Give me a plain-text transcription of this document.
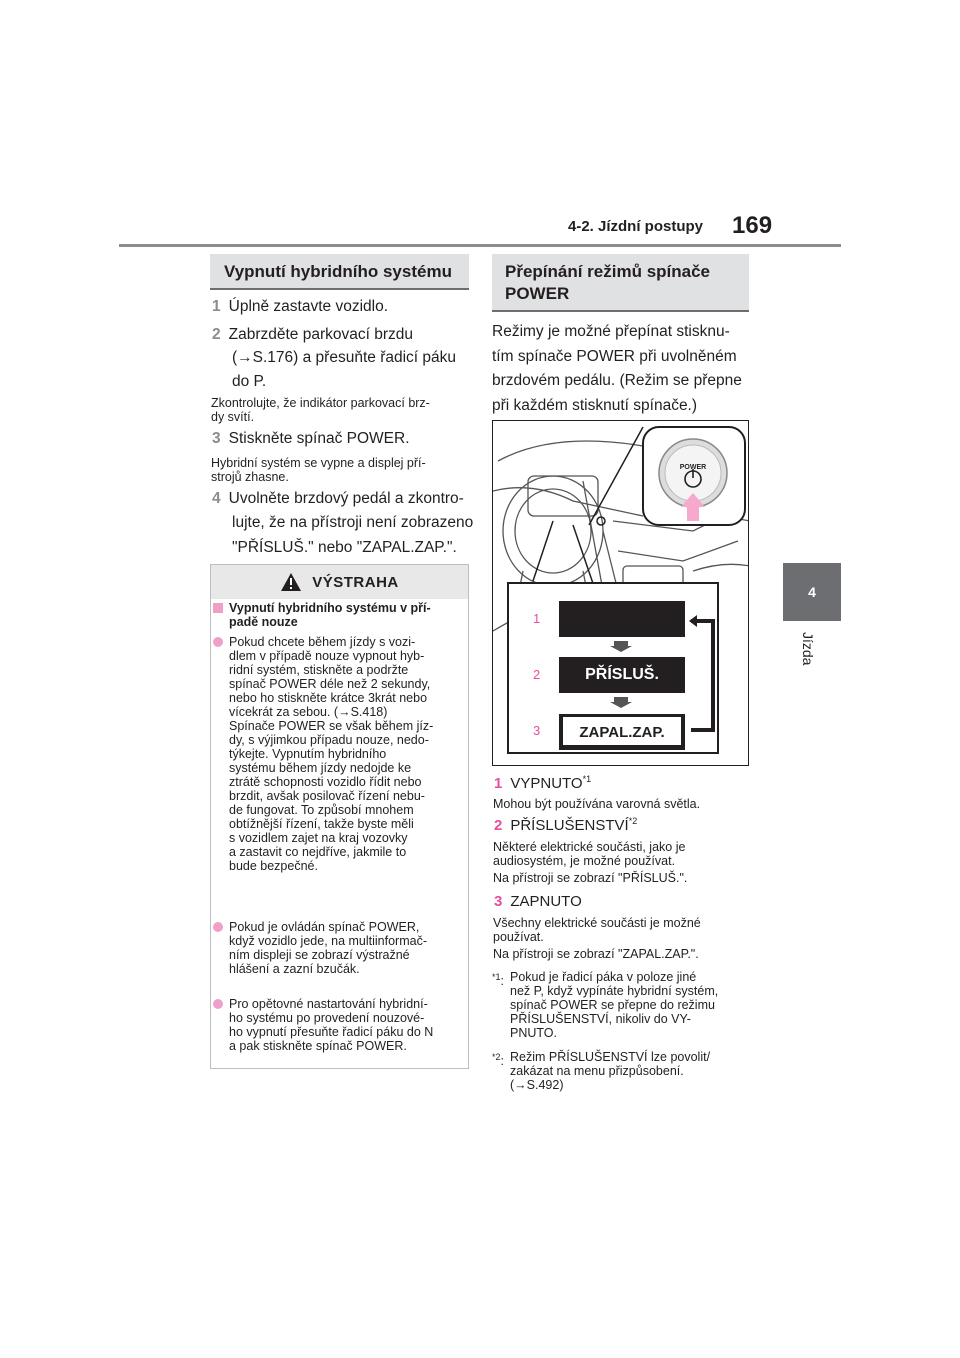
4-2. Jízdní postupy 169
4
Jízda
Vypnutí hybridního systému
1 Úplně zastavte vozidlo.
2 Zabrzděte parkovací brzdu
(→S.176) a přesuňte řadicí páku
do P.
Zkontrolujte, že indikátor parkovací brz-
dy svítí.
3 Stiskněte spínač POWER.
Hybridní systém se vypne a displej pří-
strojů zhasne.
4 Uvolněte brzdový pedál a zkontro-
lujte, že na přístroji není zobrazeno
"PŘÍSLUŠ." nebo "ZAPAL.ZAP.".
VÝSTRAHA
Vypnutí hybridního systému v pří-
padě nouze
Pokud chcete během jízdy s vozi-
dlem v případě nouze vypnout hyb-
ridní systém, stiskněte a podržte
spínač POWER déle než 2 sekundy,
nebo ho stiskněte krátce 3krát nebo
vícekrát za sebou. (→S.418)
Spínače POWER se však během jíz-
dy, s výjimkou případu nouze, nedo-
týkejte. Vypnutím hybridního
systému během jízdy nedojde ke
ztrátě schopnosti vozidlo řídit nebo
brzdit, avšak posilovač řízení nebu-
de fungovat. To způsobí mnohem
obtížnější řízení, takže byste měli
s vozidlem zajet na kraj vozovky
a zastavit co nejdříve, jakmile to
bude bezpečné.
Pokud je ovládán spínač POWER,
když vozidlo jede, na multiinformač-
ním displeji se zobrazí výstražné
hlášení a zazní bzučák.
Pro opětovné nastartování hybridní-
ho systému po provedení nouzové-
ho vypnutí přesuňte řadicí páku do N
a pak stiskněte spínač POWER.
Přepínání režimů spínače
POWER
Režimy je možné přepínat stisknu-
tím spínače POWER při uvolněném
brzdovém pedálu. (Režim se přepne
při každém stisknutí spínače.)
POWER
1
2
3
PŘÍSLUŠ.
ZAPAL.ZAP.
1 VYPNUTO$^{*1}$
Mohou být používána varovná světla.
2 PŘÍSLUŠENSTVÍ$^{*2}$
Některé elektrické součásti, jako je
audiosystém, je možné používat.
Na přístroji se zobrazí "PŘÍSLUŠ.".
3 ZAPNUTO
Všechny elektrické součásti je možné
používat.
Na přístroji se zobrazí "ZAPAL.ZAP.".
$^{*1}$: Pokud je řadicí páka v poloze jiné
než P, když vypínáte hybridní systém,
spínač POWER se přepne do režimu
PŘÍSLUŠENSTVÍ, nikoliv do VY-
PNUTO.
$^{*2}$: Režim PŘÍSLUŠENSTVÍ lze povolit/
zakázat na menu přizpůsobení.
(→S.492)
